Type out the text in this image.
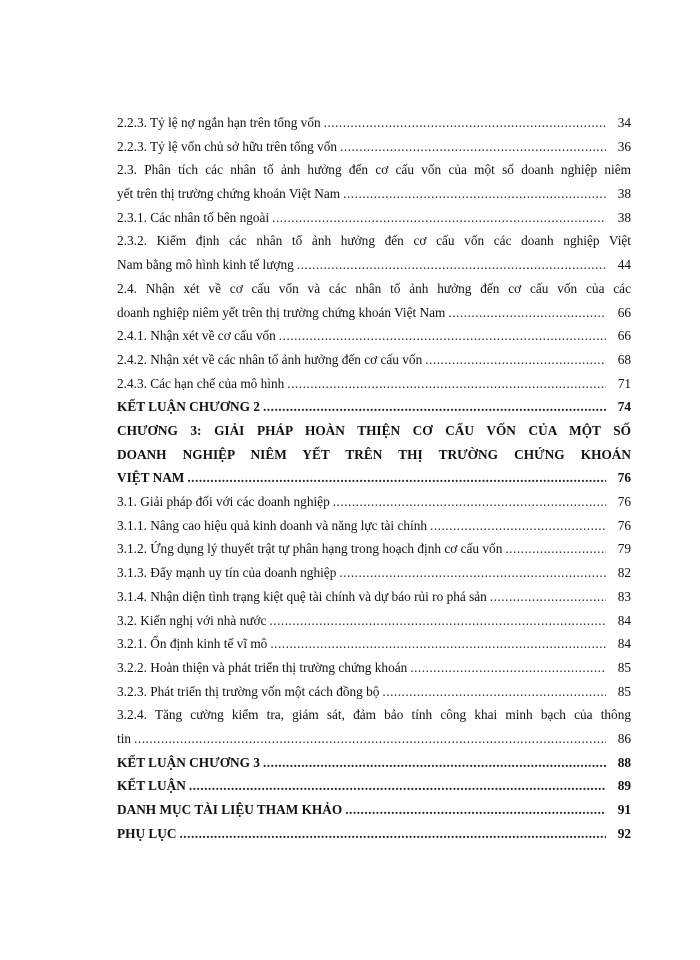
2.2.3. Tỷ lệ nợ ngắn hạn trên tổng vốn .....	34
2.2.3. Tỷ lệ vốn chủ sở hữu trên tổng vốn .....	36
2.3. Phân tích các nhân tố ảnh hưởng đến cơ cấu vốn của một số doanh nghiệp niêm
yết trên thị trường chứng khoán Việt Nam .....	38
2.3.1. Các nhân tố bên ngoài .....	38
2.3.2. Kiểm định các nhân tố ảnh hưởng đến cơ cấu vốn các doanh nghiệp Việt
Nam bằng mô hình kinh tế lượng .....	44
2.4. Nhận xét về cơ cấu vốn và các nhân tố ảnh hưởng đến cơ cấu vốn của các
doanh nghiệp niêm yết trên thị trường chứng khoán Việt Nam .....	66
2.4.1. Nhận xét về cơ cấu vốn .....	66
2.4.2. Nhận xét về các nhân tố ảnh hưởng đến cơ cấu vốn .....	68
2.4.3. Các hạn chế của mô hình .....	71
KẾT LUẬN CHƯƠNG 2 .....	74
CHƯƠNG 3: GIẢI PHÁP HOÀN THIỆN CƠ CẤU VỐN CỦA MỘT SỐ
DOANH NGHIỆP NIÊM YẾT TRÊN THỊ TRƯỜNG CHỨNG KHOÁN
VIỆT NAM .....	76
3.1. Giải pháp đối với các doanh nghiệp .....	76
3.1.1. Nâng cao hiệu quả kinh doanh và năng lực tài chính .....	76
3.1.2. Ứng dụng lý thuyết trật tự phân hạng trong hoạch định cơ cấu vốn .....	79
3.1.3. Đẩy mạnh uy tín của doanh nghiệp .....	82
3.1.4. Nhận diện tình trạng kiệt quệ tài chính và dự báo rủi ro phá sản .....	83
3.2. Kiến nghị với nhà nước .....	84
3.2.1. Ổn định kinh tế vĩ mô .....	84
3.2.2. Hoàn thiện và phát triển thị trường chứng khoán .....	85
3.2.3. Phát triển thị trường vốn một cách đồng bộ .....	85
3.2.4. Tăng cường kiểm tra, giám sát, đảm bảo tính công khai minh bạch của thông
tin .....	86
KẾT LUẬN CHƯƠNG 3 .....	88
KẾT LUẬN .....	89
DANH MỤC TÀI LIỆU THAM KHẢO .....	91
PHỤ LỤC .....	92
